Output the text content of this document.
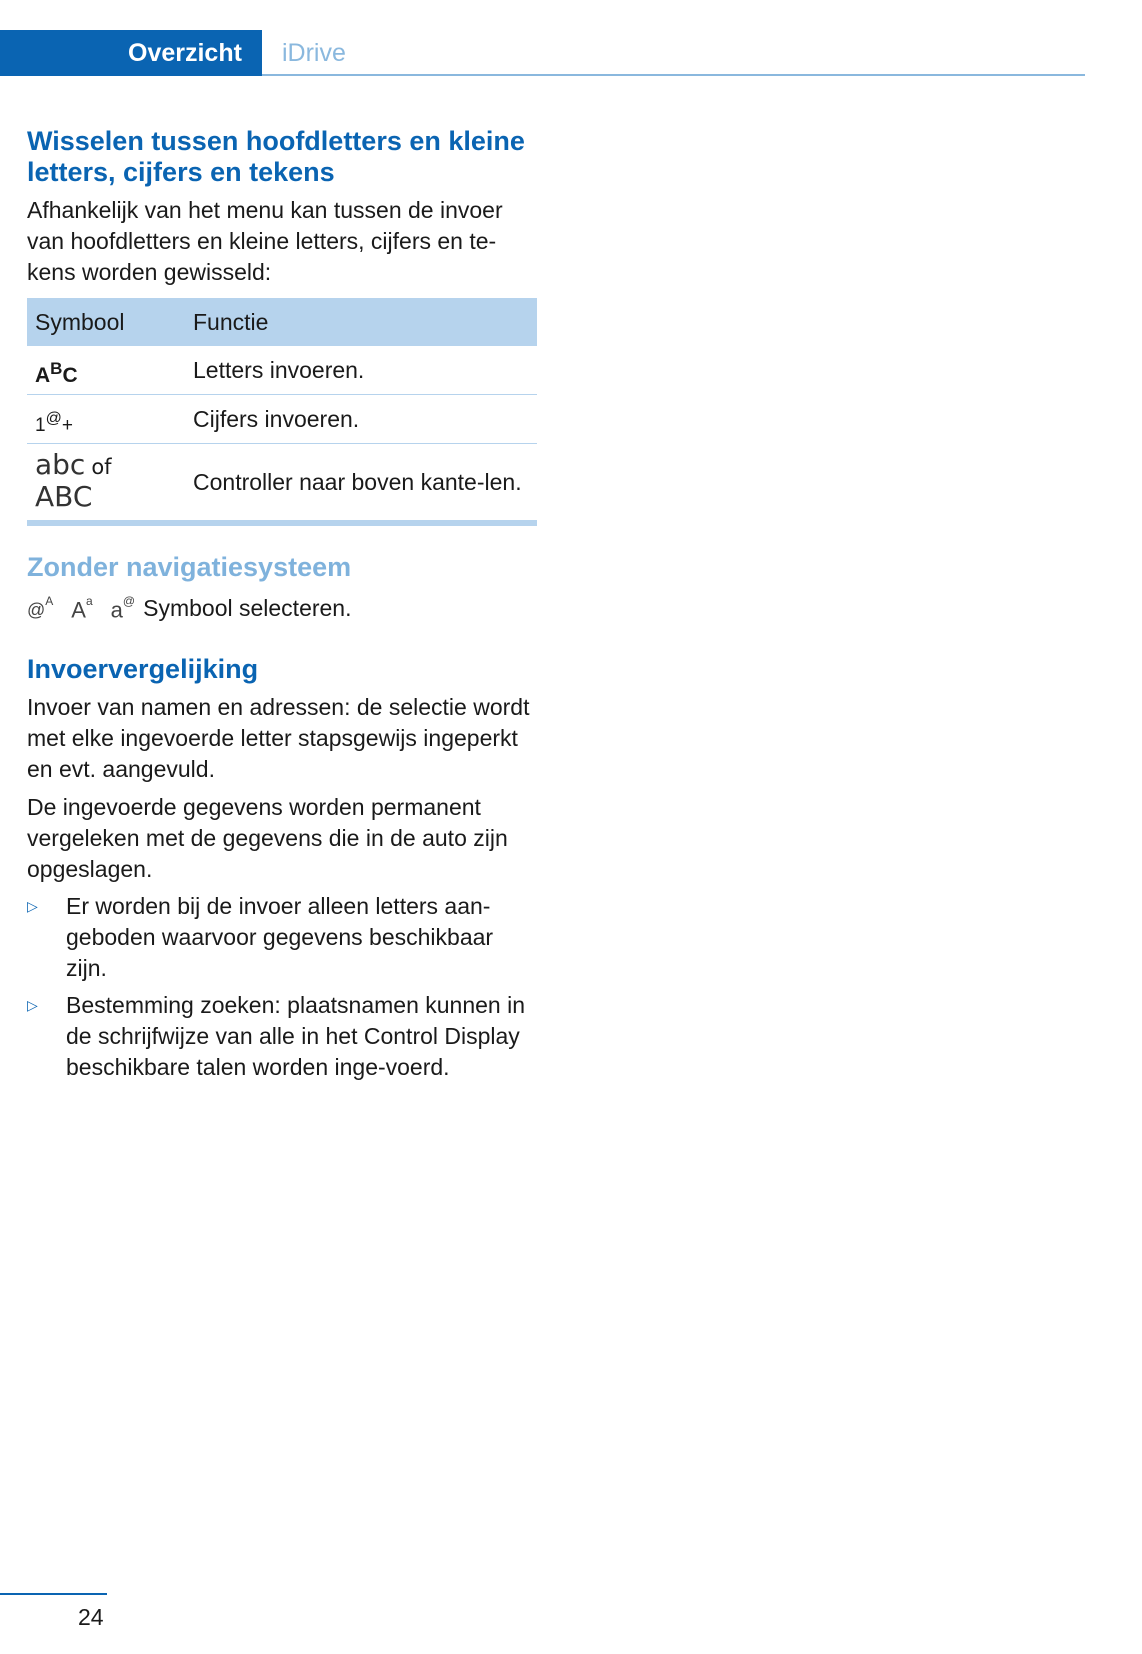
Overzicht iDrive
Wisselen tussen hoofdletters en kleine letters, cijfers en tekens

Afhankelijk van het menu kan tussen de invoer van hoofdletters en kleine letters, cijfers en te-kens worden gewisseld:

Symbool	Functie
$A^BC$	Letters invoeren.
1@+	Cijfers invoeren.
abc of
ABC	Controller naar boven kante-len.
Zonder navigatiesysteem
@$^A$ $A^a$ a@ Symbool selecteren.
Invoervergelijking

Invoer van namen en adressen: de selectie wordt met elke ingevoerde letter stapsgewijs ingeperkt en evt. aangevuld.

De ingevoerde gegevens worden permanent vergeleken met de gegevens die in de auto zijn opgeslagen.

▷ Er worden bij de invoer alleen letters aan-geboden waarvoor gegevens beschikbaar zijn.
▷ Bestemming zoeken: plaatsnamen kunnen in de schrijfwijze van alle in het Control Display beschikbare talen worden inge-voerd.
24
